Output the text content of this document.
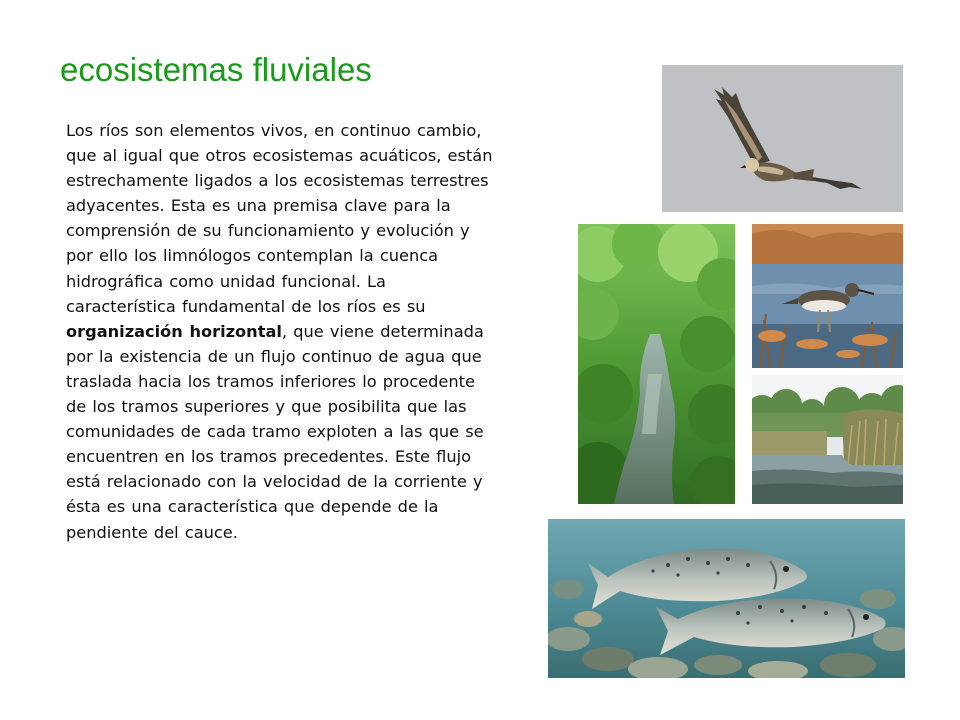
ecosistemas fluviales

Los ríos son elementos vivos, en continuo cambio, que al igual que otros ecosistemas acuáticos, están estrechamente ligados a los ecosistemas terrestres adyacentes. Esta es una premisa clave para la comprensión de su funcionamiento y evolución y por ello los limnólogos contemplan la cuenca hidrográfica como unidad funcional. La característica fundamental de los ríos es su organización horizontal, que viene determinada por la existencia de un flujo continuo de agua que traslada hacia los tramos inferiores lo procedente de los tramos superiores y que posibilita que las comunidades de cada tramo exploten a las que se encuentren en los tramos precedentes. Este flujo está relacionado con la velocidad de la corriente y ésta es una característica que depende de la pendiente del cauce.
